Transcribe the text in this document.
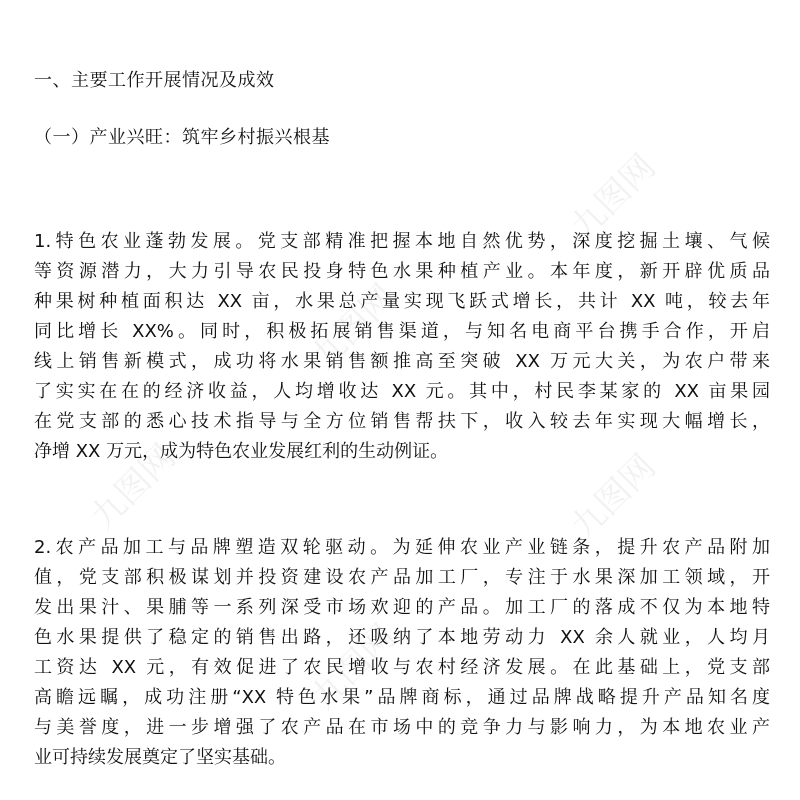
九图网
九图网
九图网	九图网
九图网
一、主要工作开展情况及成效
（一）产业兴旺：筑牢乡村振兴根基
1.特色农业蓬勃发展。党支部精准把握本地自然优势，深度挖掘土壤、气候
等资源潜力，大力引导农民投身特色水果种植产业。本年度，新开辟优质品
种果树种植面积达 XX 亩，水果总产量实现飞跃式增长，共计 XX 吨，较去年
同比增长 XX%。同时，积极拓展销售渠道，与知名电商平台携手合作，开启
线上销售新模式，成功将水果销售额推高至突破 XX 万元大关，为农户带来
了实实在在的经济收益，人均增收达 XX 元。其中，村民李某家的 XX 亩果园
在党支部的悉心技术指导与全方位销售帮扶下，收入较去年实现大幅增长，
净增 XX 万元，成为特色农业发展红利的生动例证。
2.农产品加工与品牌塑造双轮驱动。为延伸农业产业链条，提升农产品附加
值，党支部积极谋划并投资建设农产品加工厂，专注于水果深加工领域，开
发出果汁、果脯等一系列深受市场欢迎的产品。加工厂的落成不仅为本地特
色水果提供了稳定的销售出路，还吸纳了本地劳动力 XX 余人就业，人均月
工资达 XX 元，有效促进了农民增收与农村经济发展。在此基础上，党支部
高瞻远瞩，成功注册“XX 特色水果”品牌商标，通过品牌战略提升产品知名度
与美誉度，进一步增强了农产品在市场中的竞争力与影响力，为本地农业产
业可持续发展奠定了坚实基础。
